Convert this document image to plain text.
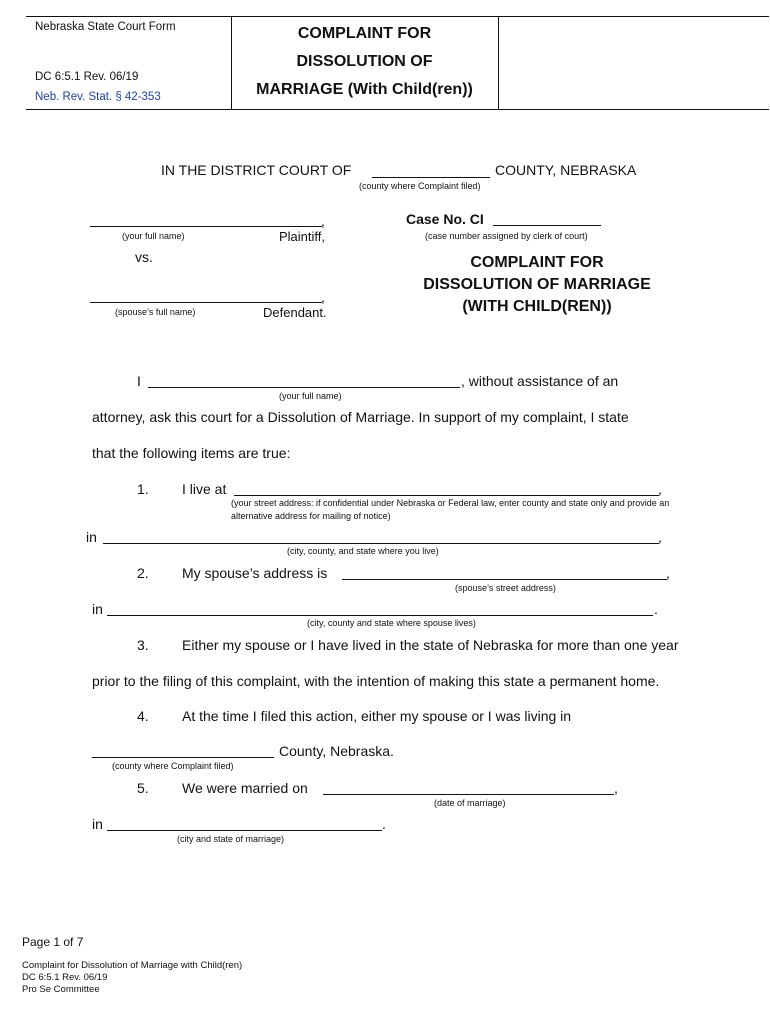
Nebraska State Court Form
DC 6:5.1 Rev. 06/19
Neb. Rev. Stat. § 42-353
COMPLAINT FOR
DISSOLUTION OF
MARRIAGE (With Child(ren))
IN THE DISTRICT COURT OF	COUNTY, NEBRASKA
(county where Complaint filed)
,
(your full name)	Plaintiff,
vs.
,
(spouse’s full name)	Defendant.
Case No. CI
(case number assigned by clerk of court)
COMPLAINT FOR
DISSOLUTION OF MARRIAGE
(WITH CHILD(REN))
I	, without assistance of an
(your full name)
attorney, ask this court for a Dissolution of Marriage. In support of my complaint, I state
that the following items are true:
1. I live at	,
(your street address: if confidential under Nebraska or Federal law, enter county and state only and provide an
alternative address for mailing of notice)
in	,
(city, county, and state where you live)
2. My spouse’s address is	,
(spouse’s street address)
in	.
(city, county and state where spouse lives)
3. Either my spouse or I have lived in the state of Nebraska for more than one year
prior to the filing of this complaint, with the intention of making this state a permanent home.
4. At the time I filed this action, either my spouse or I was living in
County, Nebraska.
(county where Complaint filed)
5. We were married on	,
(date of marriage)
in	.
(city and state of marriage)
Page 1 of 7
Complaint for Dissolution of Marriage with Child(ren)
DC 6:5.1 Rev. 06/19
Pro Se Committee
